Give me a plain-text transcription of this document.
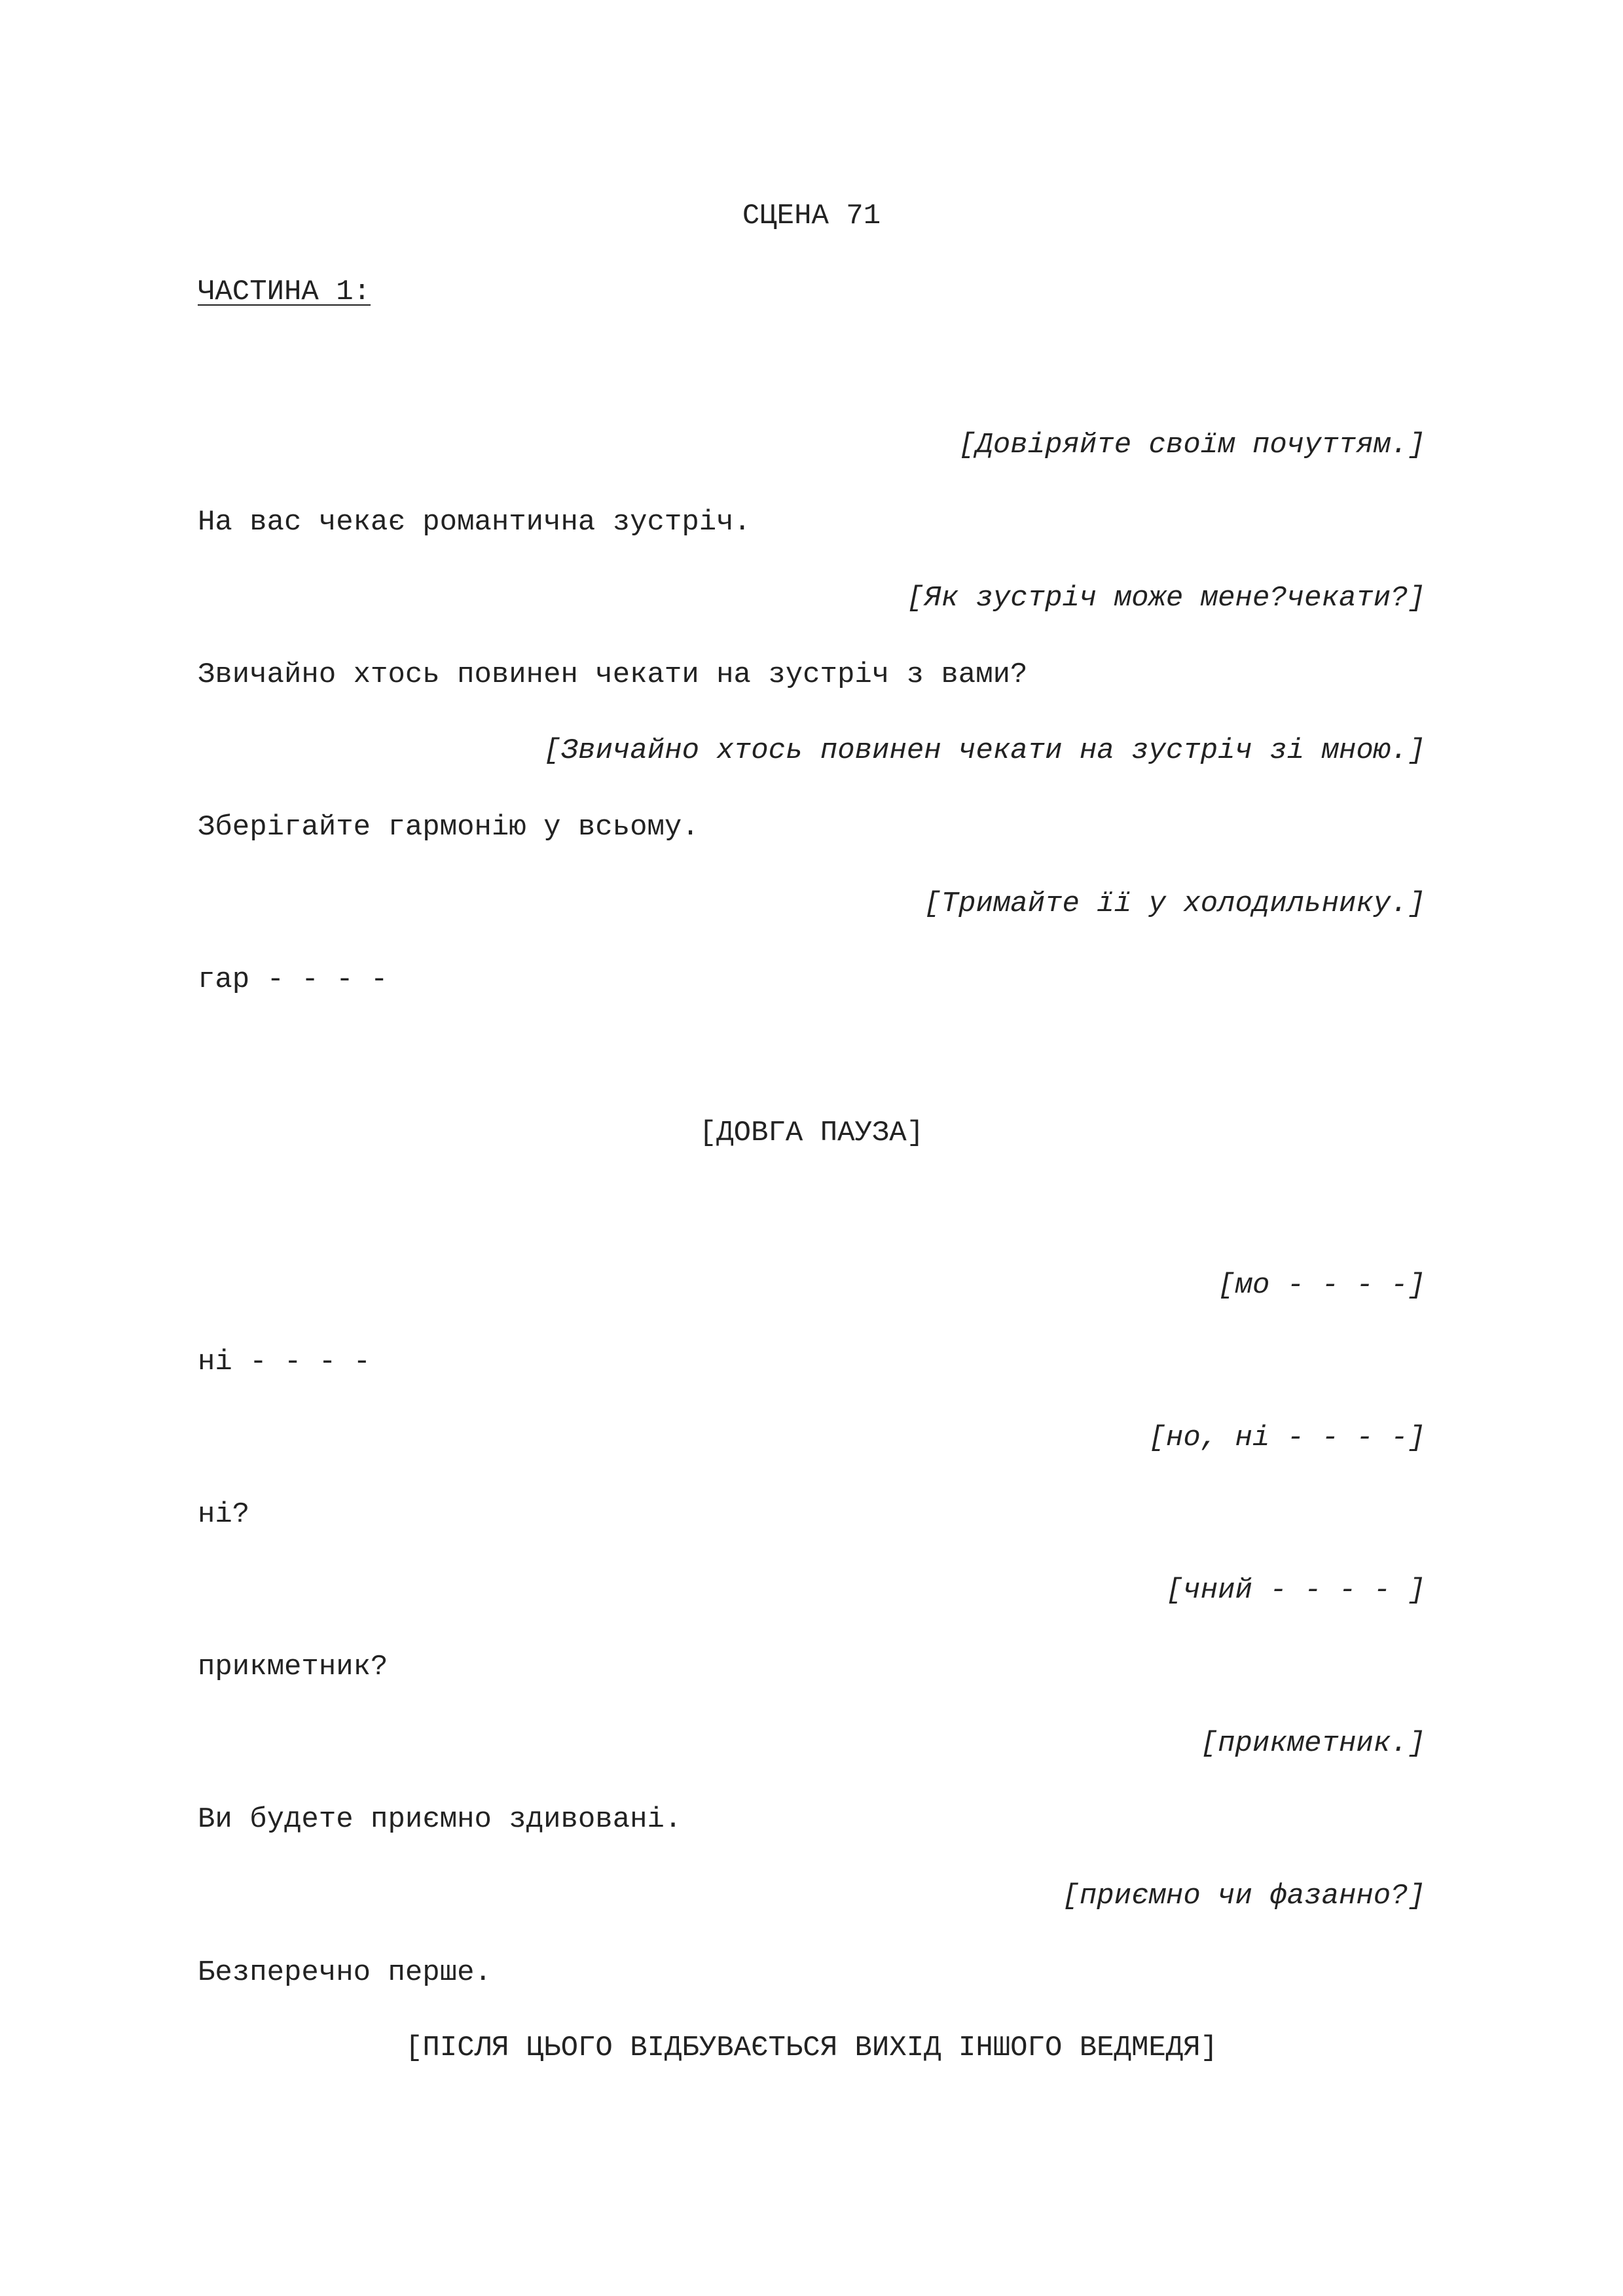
СЦЕНА 71
ЧАСТИНА 1:
[Довіряйте своїм почуттям.]
На вас чекає романтична зустріч.
[Як зустріч може мене?чекати?]
Звичайно хтось повинен чекати на зустріч з вами?
[Звичайно хтось повинен чекати на зустріч зі мною.]
Зберігайте гармонію у всьому.
[Тримайте її у холодильнику.]
гар - - - -
[ДОВГА ПАУЗА]
[мо - - - -]
ні - - - -
[но, ні - - - -]
ні?
[чний - - - - ]
прикметник?
[прикметник.]
Ви будете приємно здивовані.
[приємно чи фазанно?]
Безперечно перше.
[ПІСЛЯ ЦЬОГО ВІДБУВАЄТЬСЯ ВИХІД ІНШОГО ВЕДМЕДЯ]
